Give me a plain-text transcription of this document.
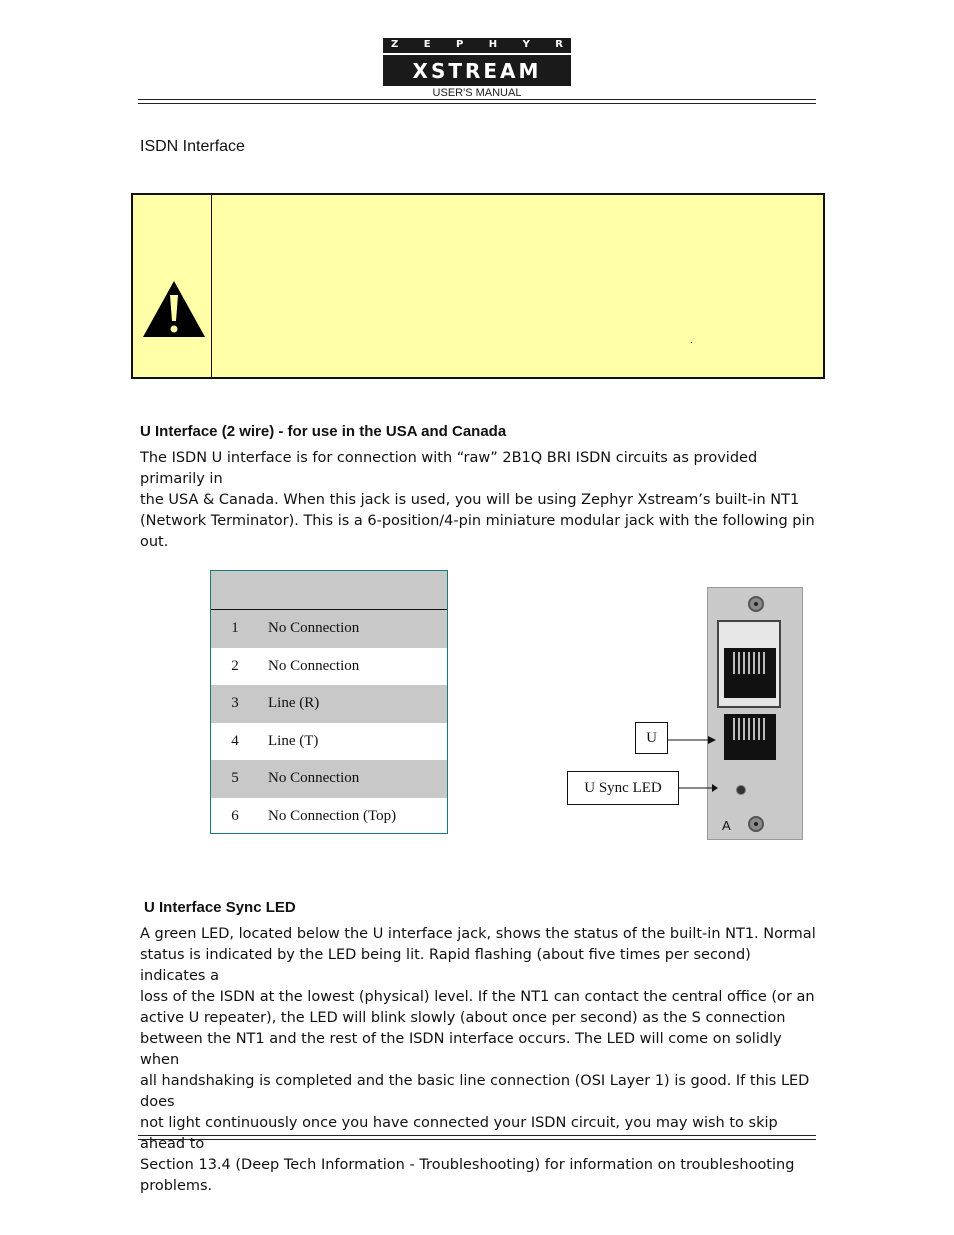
Z	E	P	H	Y	R
XSTREAM
USER'S MANUAL
ISDN Interface
.
U Interface (2 wire) - for use in the USA and Canada
The ISDN U interface is for connection with “raw” 2B1Q BRI ISDN circuits as provided primarily in
the USA & Canada. When this jack is used, you will be using Zephyr Xstream’s built-in NT1
(Network Terminator). This is a 6-position/4-pin miniature modular jack with the following pin
out.
1	No Connection
2	No Connection
3	Line (R)
4	Line (T)
5	No Connection
6	No Connection (Top)
A
U
U Sync LED
U Interface Sync LED
A green LED, located below the U interface jack, shows the status of the built-in NT1. Normal
status is indicated by the LED being lit. Rapid flashing (about five times per second) indicates a
loss of the ISDN at the lowest (physical) level. If the NT1 can contact the central office (or an
active U repeater), the LED will blink slowly (about once per second) as the S connection
between the NT1 and the rest of the ISDN interface occurs. The LED will come on solidly when
all handshaking is completed and the basic line connection (OSI Layer 1) is good. If this LED does
not light continuously once you have connected your ISDN circuit, you may wish to skip ahead to
Section 13.4 (Deep Tech Information - Troubleshooting) for information on troubleshooting
problems.
